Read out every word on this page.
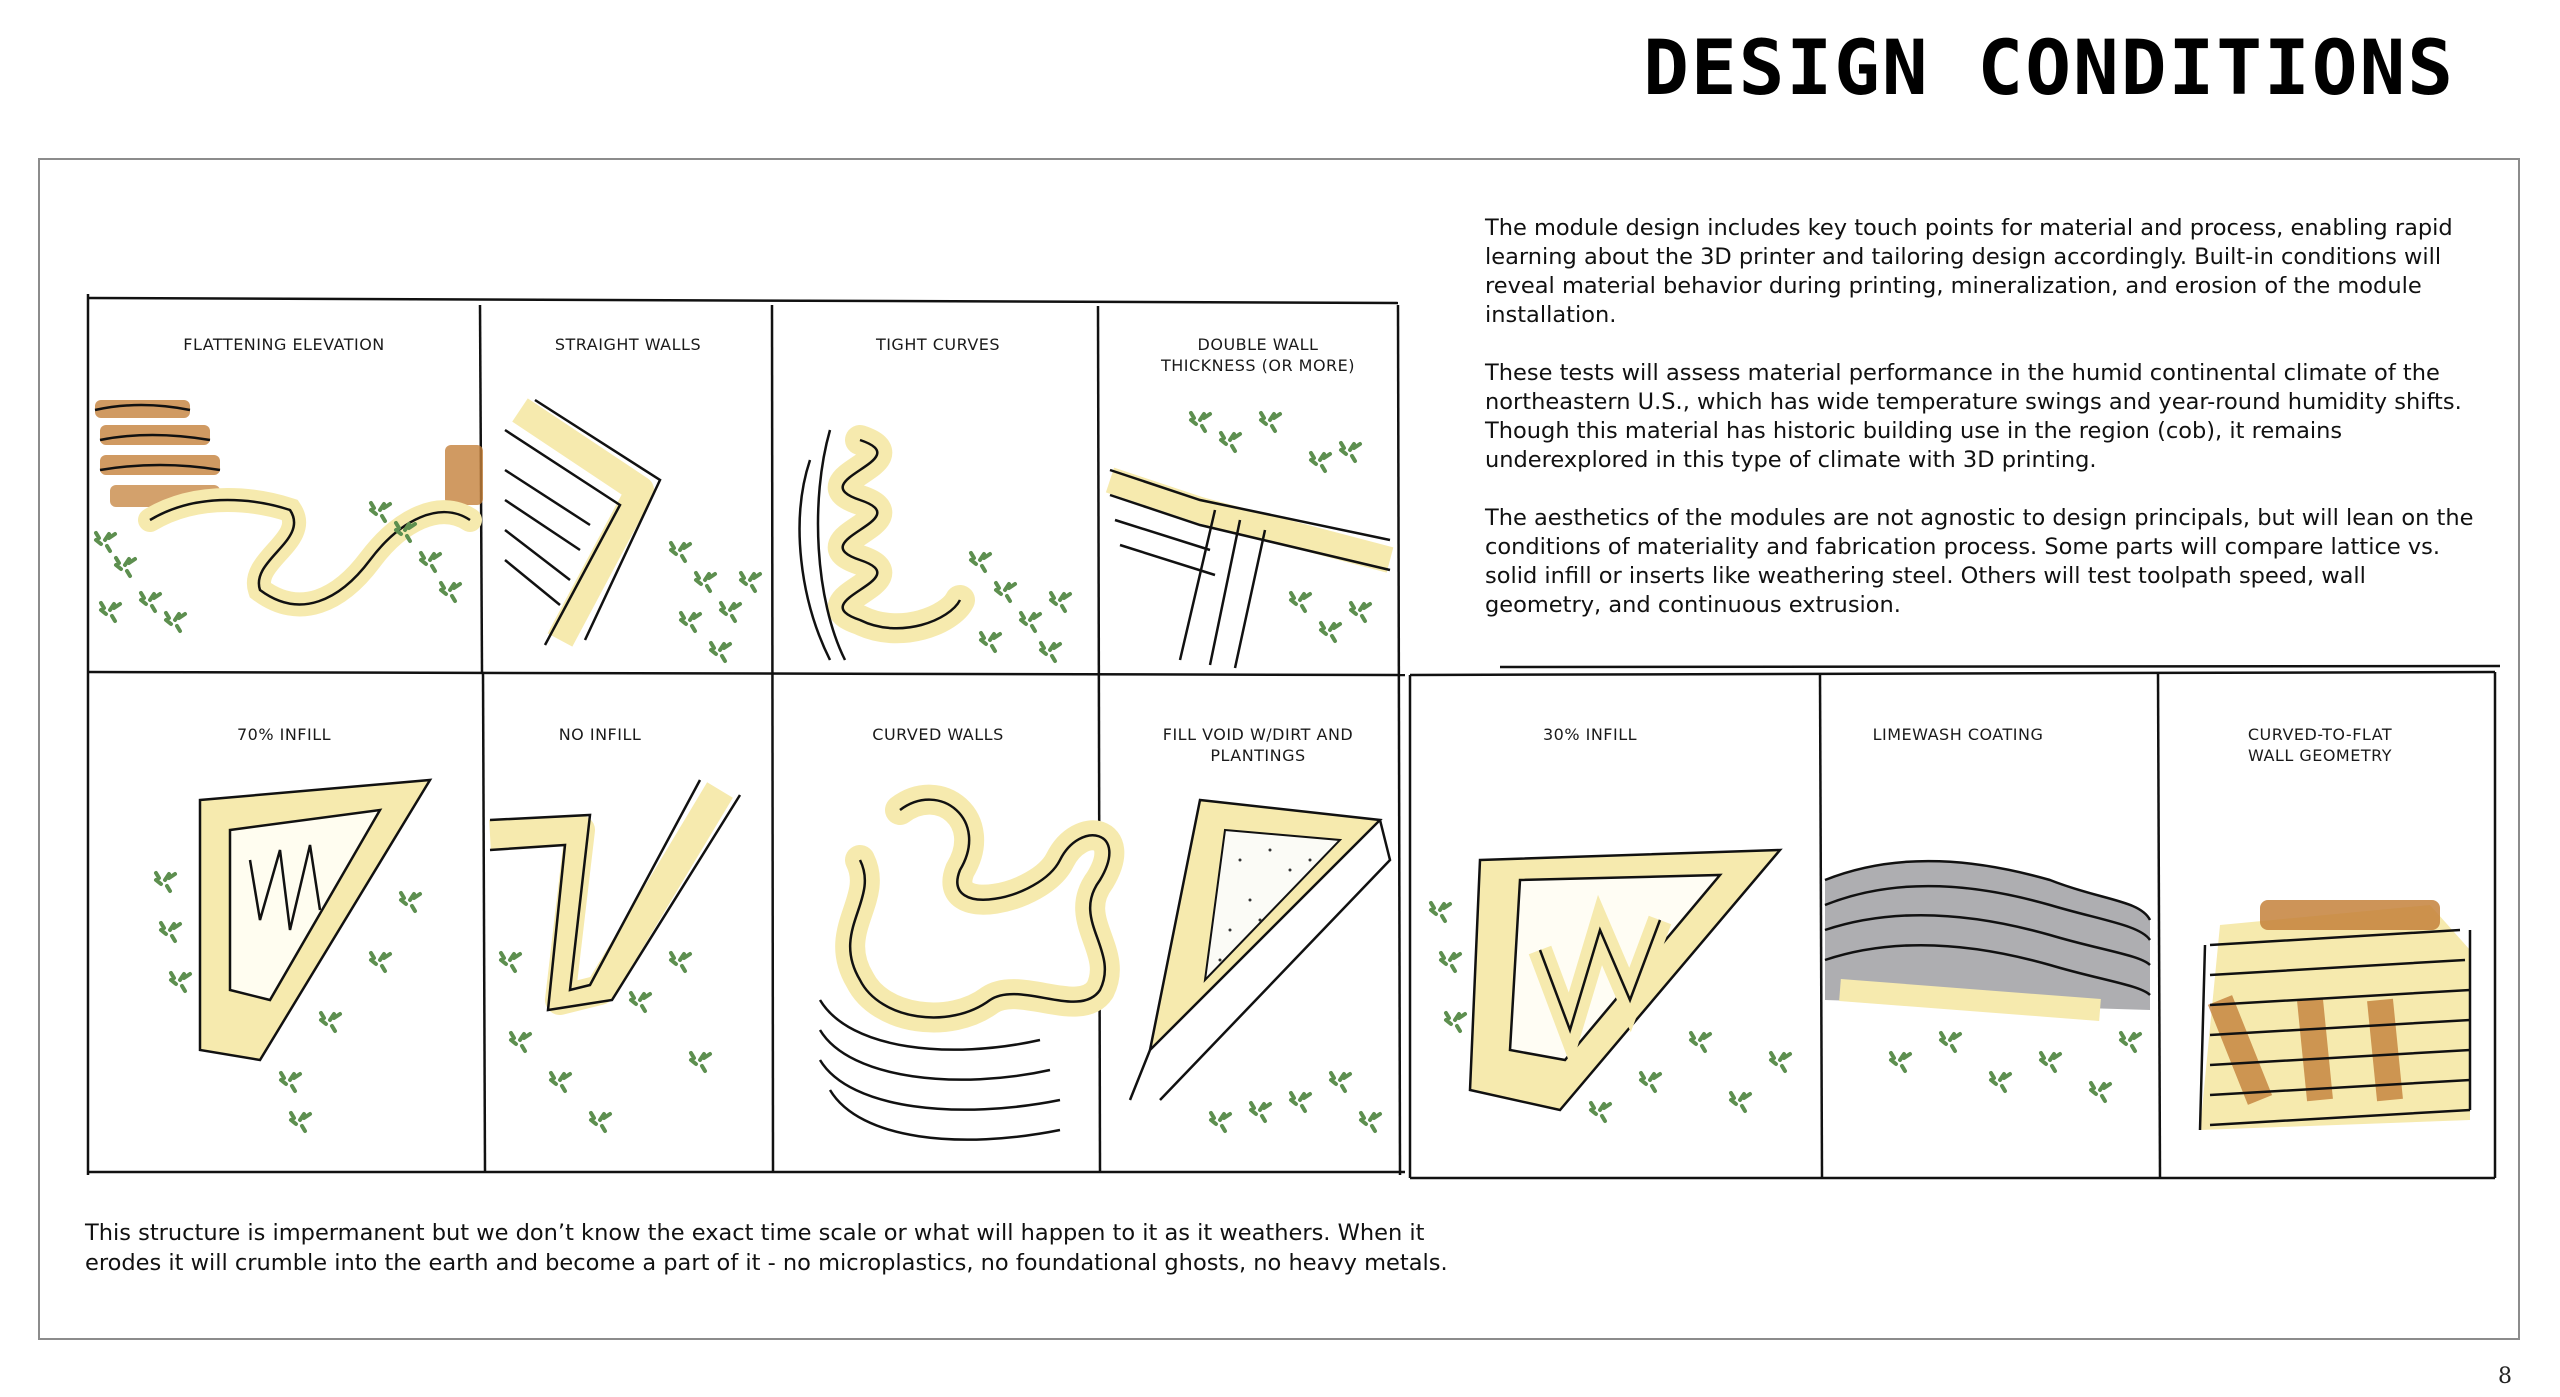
DESIGN CONDITIONS

The module design includes key touch points for material and process, enabling rapid learning about the 3D printer and tailoring design accordingly. Built-in conditions will reveal material behavior during printing, mineralization, and erosion of the module installation.

These tests will assess material performance in the humid continental climate of the northeastern U.S., which has wide temperature swings and year-round humidity shifts. Though this material has historic building use in the region (cob), it remains underexplored in this type of climate with 3D printing.

The aesthetics of the modules are not agnostic to design principals, but will lean on the conditions of materiality and fabrication process. Some parts will compare lattice vs. solid infill or inserts like weathering steel. Others will test toolpath speed, wall geometry, and continuous extrusion.

FLATTENING ELEVATION	STRAIGHT WALLS	TIGHT CURVES	DOUBLE WALL
THICKNESS (OR MORE)
70% INFILL	NO INFILL	CURVED WALLS	FILL VOID W/DIRT AND
PLANTINGS
30% INFILL	LIMEWASH COATING	CURVED-TO-FLAT
WALL GEOMETRY

This structure is impermanent but we don’t know the exact time scale or what will happen to it as it weathers. When it erodes it will crumble into the earth and become a part of it - no microplastics, no foundational ghosts, no heavy metals.

8
